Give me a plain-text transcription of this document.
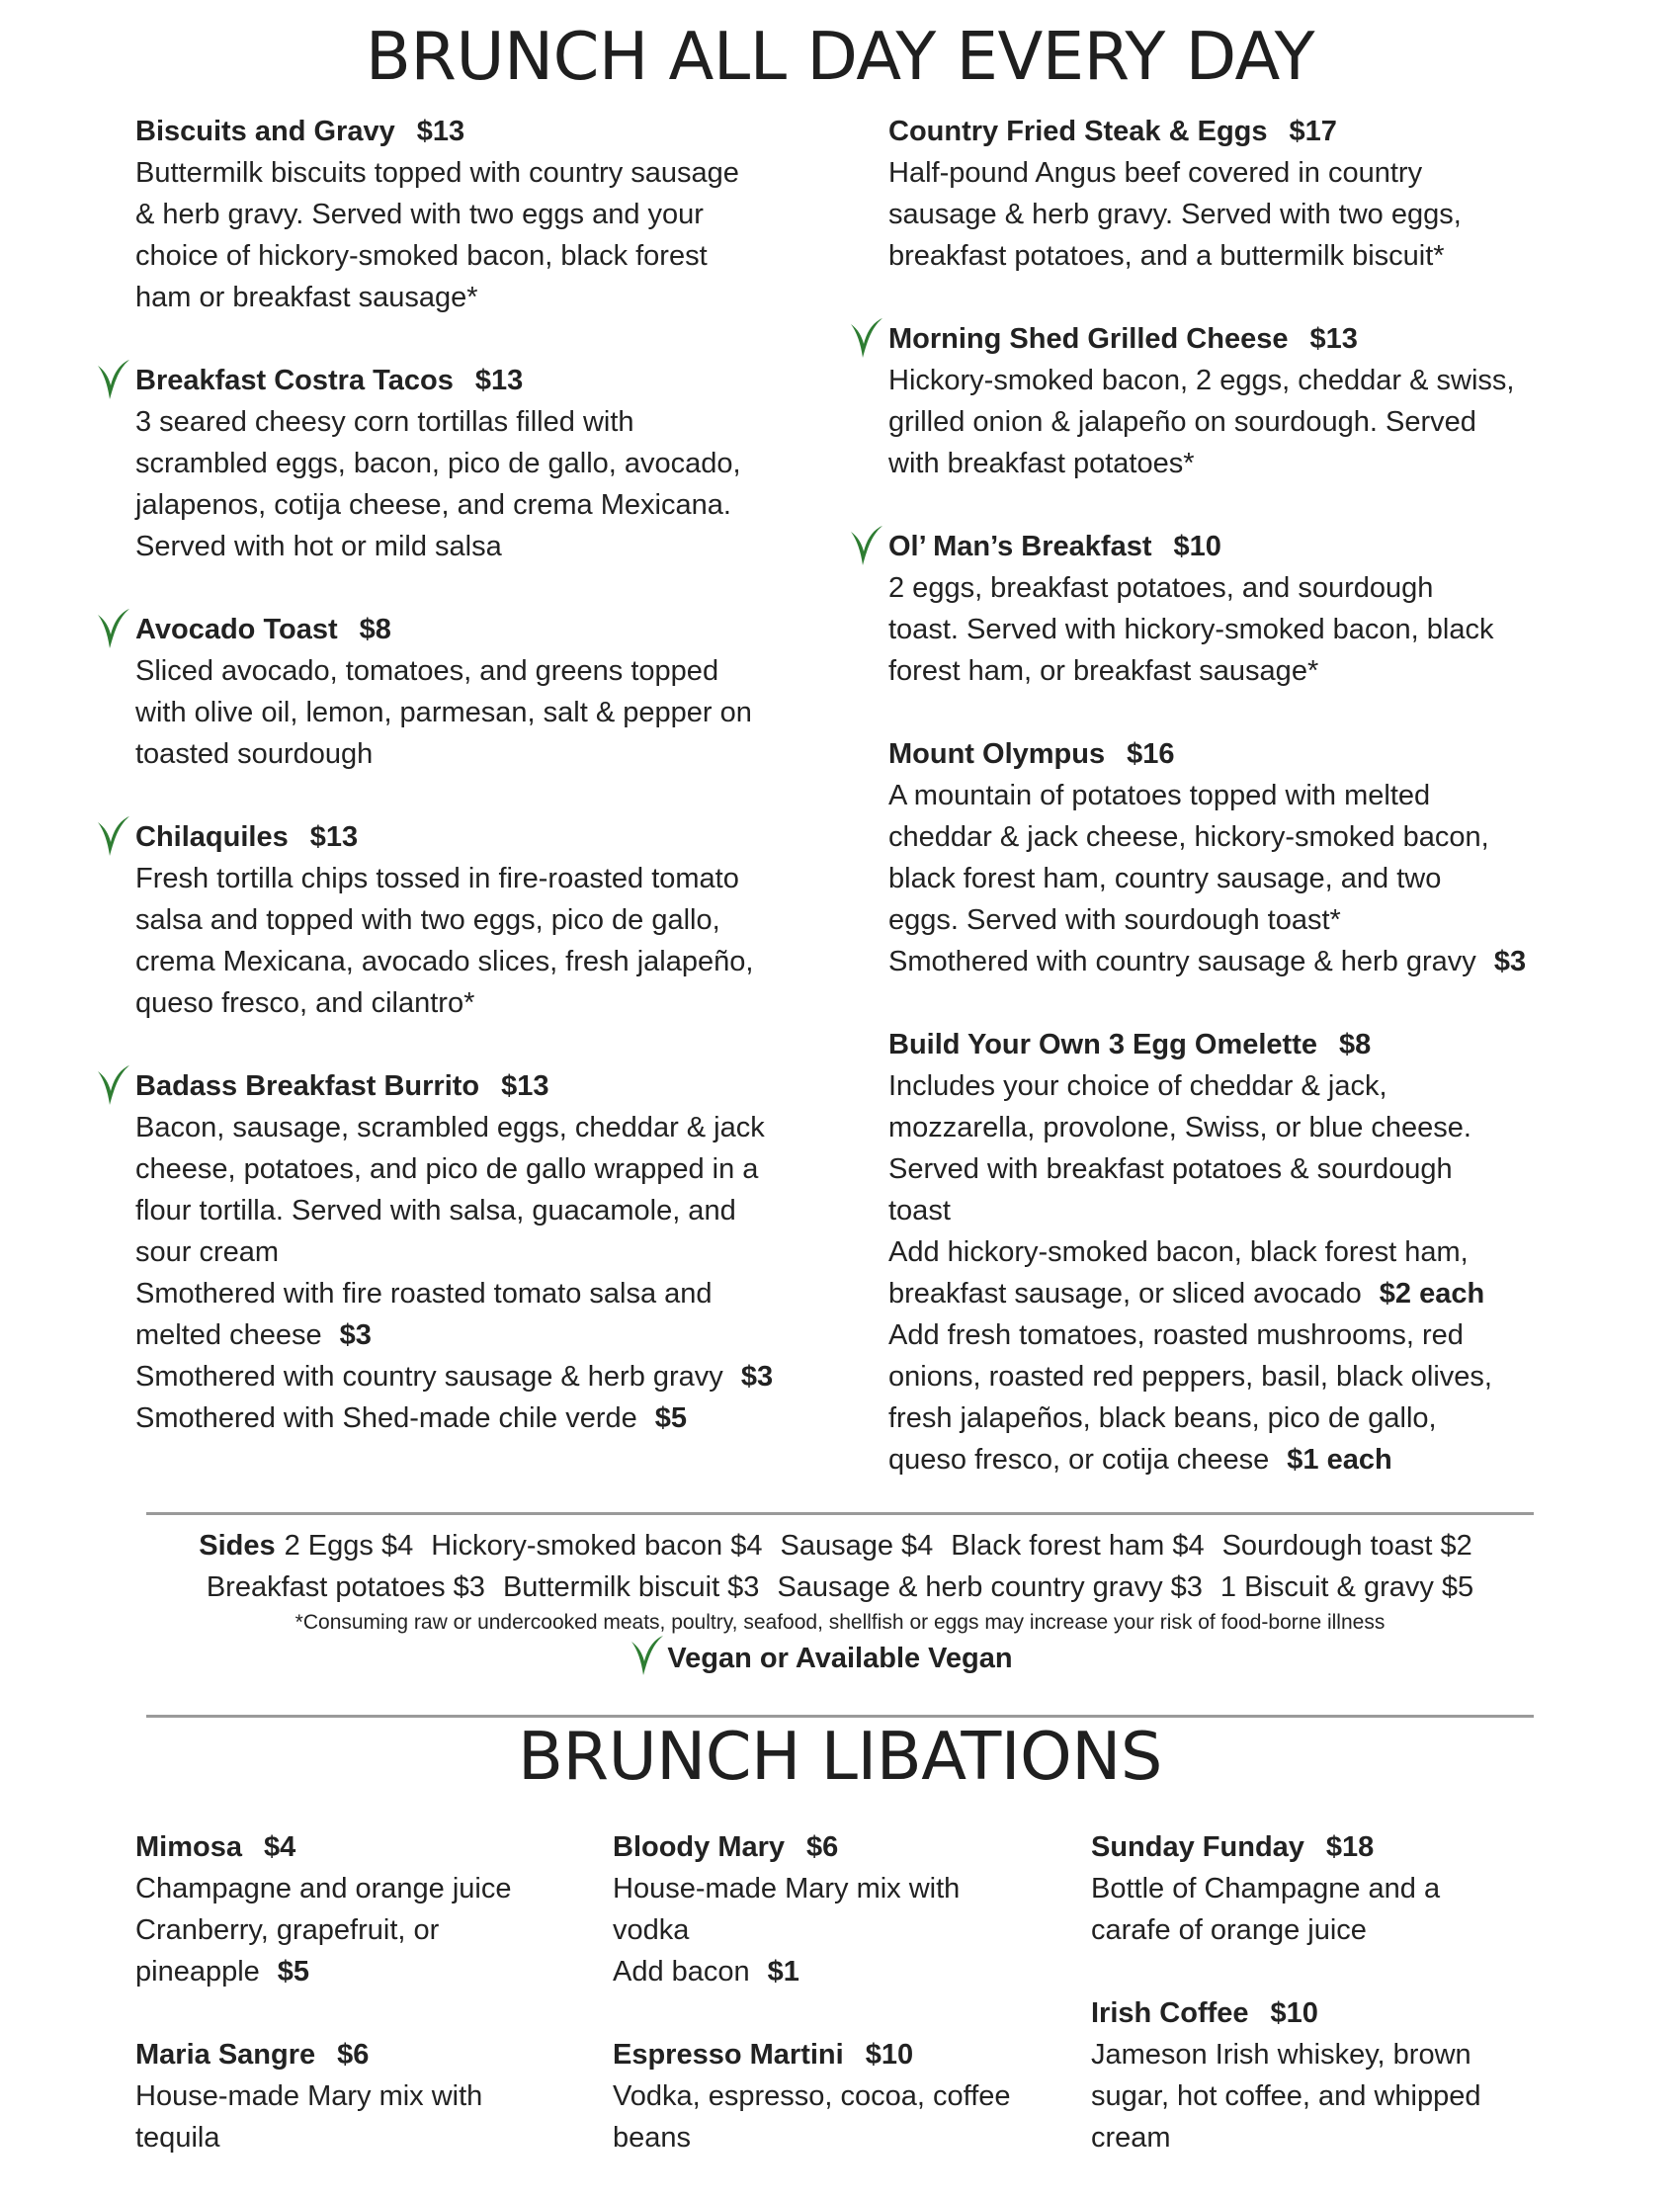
BRUNCH ALL DAY EVERY DAY
Biscuits and Gravy $13
Buttermilk biscuits topped with country sausage
& herb gravy. Served with two eggs and your
choice of hickory-smoked bacon, black forest
ham or breakfast sausage*
Breakfast Costra Tacos $13
3 seared cheesy corn tortillas filled with
scrambled eggs, bacon, pico de gallo, avocado,
jalapenos, cotija cheese, and crema Mexicana.
Served with hot or mild salsa
Avocado Toast $8
Sliced avocado, tomatoes, and greens topped
with olive oil, lemon, parmesan, salt & pepper on
toasted sourdough
Chilaquiles $13
Fresh tortilla chips tossed in fire-roasted tomato
salsa and topped with two eggs, pico de gallo,
crema Mexicana, avocado slices, fresh jalapeño,
queso fresco, and cilantro*
Badass Breakfast Burrito $13
Bacon, sausage, scrambled eggs, cheddar & jack
cheese, potatoes, and pico de gallo wrapped in a
flour tortilla. Served with salsa, guacamole, and
sour cream
Smothered with fire roasted tomato salsa and
melted cheese $3
Smothered with country sausage & herb gravy $3
Smothered with Shed-made chile verde $5
Country Fried Steak & Eggs $17
Half-pound Angus beef covered in country
sausage & herb gravy. Served with two eggs,
breakfast potatoes, and a buttermilk biscuit*
Morning Shed Grilled Cheese $13
Hickory-smoked bacon, 2 eggs, cheddar & swiss,
grilled onion & jalapeño on sourdough. Served
with breakfast potatoes*
Ol’ Man’s Breakfast $10
2 eggs, breakfast potatoes, and sourdough
toast. Served with hickory-smoked bacon, black
forest ham, or breakfast sausage*
Mount Olympus $16
A mountain of potatoes topped with melted
cheddar & jack cheese, hickory-smoked bacon,
black forest ham, country sausage, and two
eggs. Served with sourdough toast*
Smothered with country sausage & herb gravy $3
Build Your Own 3 Egg Omelette $8
Includes your choice of cheddar & jack,
mozzarella, provolone, Swiss, or blue cheese.
Served with breakfast potatoes & sourdough
toast
Add hickory-smoked bacon, black forest ham,
breakfast sausage, or sliced avocado $2 each
Add fresh tomatoes, roasted mushrooms, red
onions, roasted red peppers, basil, black olives,
fresh jalapeños, black beans, pico de gallo,
queso fresco, or cotija cheese $1 each
Sides 2 Eggs $4 Hickory-smoked bacon $4 Sausage $4 Black forest ham $4 Sourdough toast $2
Breakfast potatoes $3 Buttermilk biscuit $3 Sausage & herb country gravy $3 1 Biscuit & gravy $5
*Consuming raw or undercooked meats, poultry, seafood, shellfish or eggs may increase your risk of food-borne illness
Vegan or Available Vegan
BRUNCH LIBATIONS
Mimosa $4
Champagne and orange juice
Cranberry, grapefruit, or
pineapple $5
Maria Sangre $6
House-made Mary mix with
tequila
Bloody Mary $6
House-made Mary mix with
vodka
Add bacon $1
Espresso Martini $10
Vodka, espresso, cocoa, coffee
beans
Sunday Funday $18
Bottle of Champagne and a
carafe of orange juice
Irish Coffee $10
Jameson Irish whiskey, brown
sugar, hot coffee, and whipped
cream
